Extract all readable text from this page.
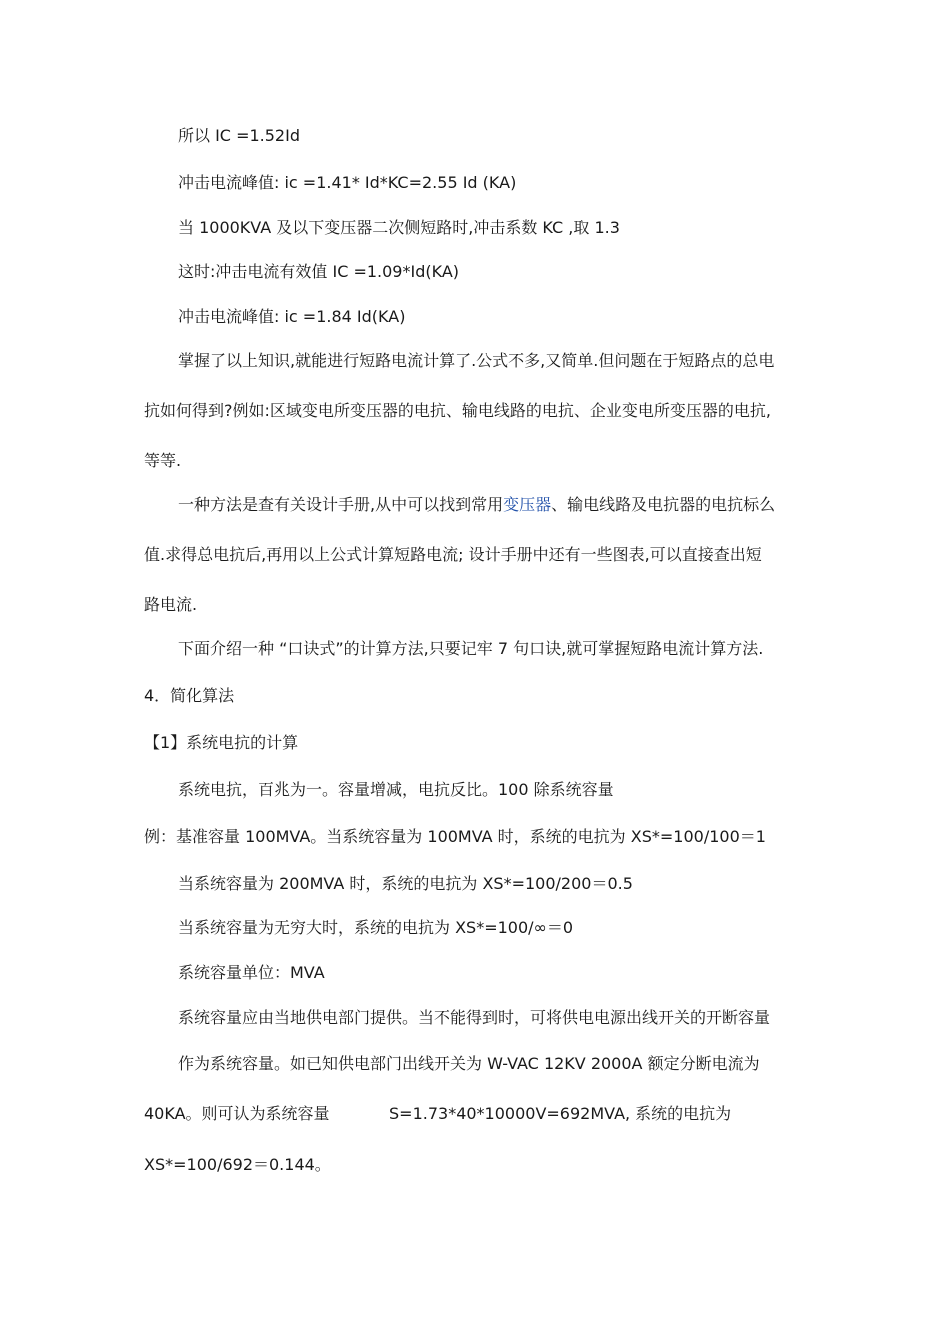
所以 IC =1.52Id
冲击电流峰值: ic =1.41* Id*KC=2.55 Id (KA)
当 1000KVA 及以下变压器二次侧短路时,冲击系数 KC ,取 1.3
这时:冲击电流有效值 IC =1.09*Id(KA)
冲击电流峰值: ic =1.84 Id(KA)
掌握了以上知识,就能进行短路电流计算了.公式不多,又简单.但问题在于短路点的总电
抗如何得到?例如:区域变电所变压器的电抗、输电线路的电抗、企业变电所变压器的电抗,
等等.
一种方法是查有关设计手册,从中可以找到常用变压器、输电线路及电抗器的电抗标么
值.求得总电抗后,再用以上公式计算短路电流; 设计手册中还有一些图表,可以直接查出短
路电流.
下面介绍一种 “口诀式”的计算方法,只要记牢 7 句口诀,就可掌握短路电流计算方法.
4．简化算法
【1】系统电抗的计算
系统电抗，百兆为一。容量增减，电抗反比。100 除系统容量
例：基准容量 100MVA。当系统容量为 100MVA 时，系统的电抗为 XS*=100/100＝1
当系统容量为 200MVA 时，系统的电抗为 XS*=100/200＝0.5
当系统容量为无穷大时，系统的电抗为 XS*=100/∞＝0
系统容量单位：MVA
系统容量应由当地供电部门提供。当不能得到时，可将供电电源出线开关的开断容量
作为系统容量。如已知供电部门出线开关为 W-VAC 12KV 2000A 额定分断电流为
40KA。则可认为系统容量	S=1.73*40*10000V=692MVA, 系统的电抗为
XS*=100/692＝0.144。
